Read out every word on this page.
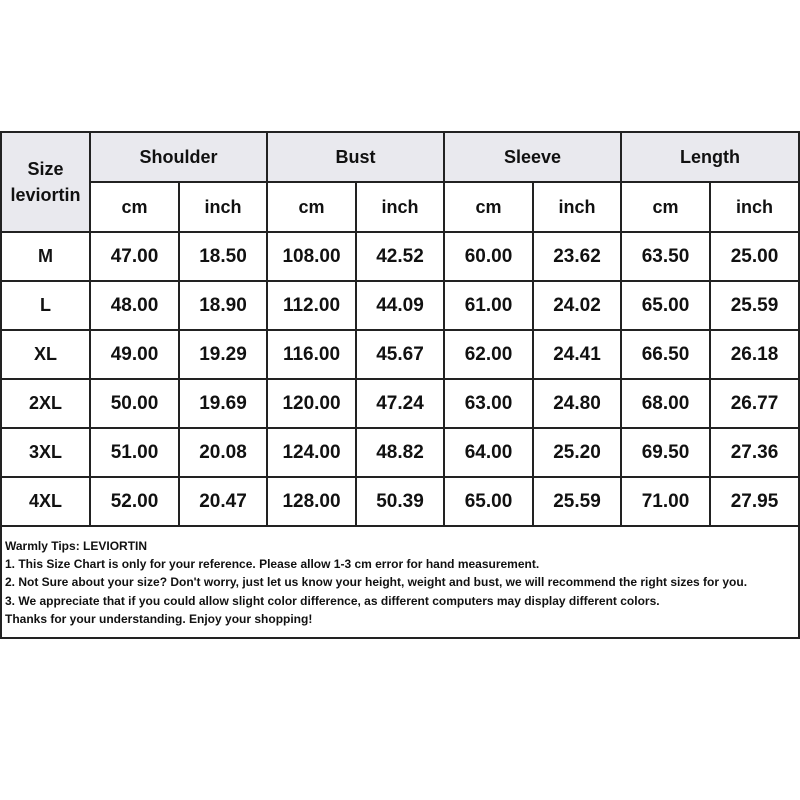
Size
leviortin	Shoulder		Bust		Sleeve		Length	
	cm	inch	cm	inch	cm	inch	cm	inch
M	47.00	18.50	108.00	42.52	60.00	23.62	63.50	25.00
L	48.00	18.90	112.00	44.09	61.00	24.02	65.00	25.59
XL	49.00	19.29	116.00	45.67	62.00	24.41	66.50	26.18
2XL	50.00	19.69	120.00	47.24	63.00	24.80	68.00	26.77
3XL	51.00	20.08	124.00	48.82	64.00	25.20	69.50	27.36
4XL	52.00	20.47	128.00	50.39	65.00	25.59	71.00	27.95
Warmly Tips: LEVIORTIN
1. This Size Chart is only for your reference. Please allow 1-3 cm error for hand measurement.
2. Not Sure about your size? Don't worry, just let us know your height, weight and bust, we will recommend the right sizes for you.
3. We appreciate that if you could allow slight color difference, as different computers may display different colors.
Thanks for your understanding. Enjoy your shopping!
